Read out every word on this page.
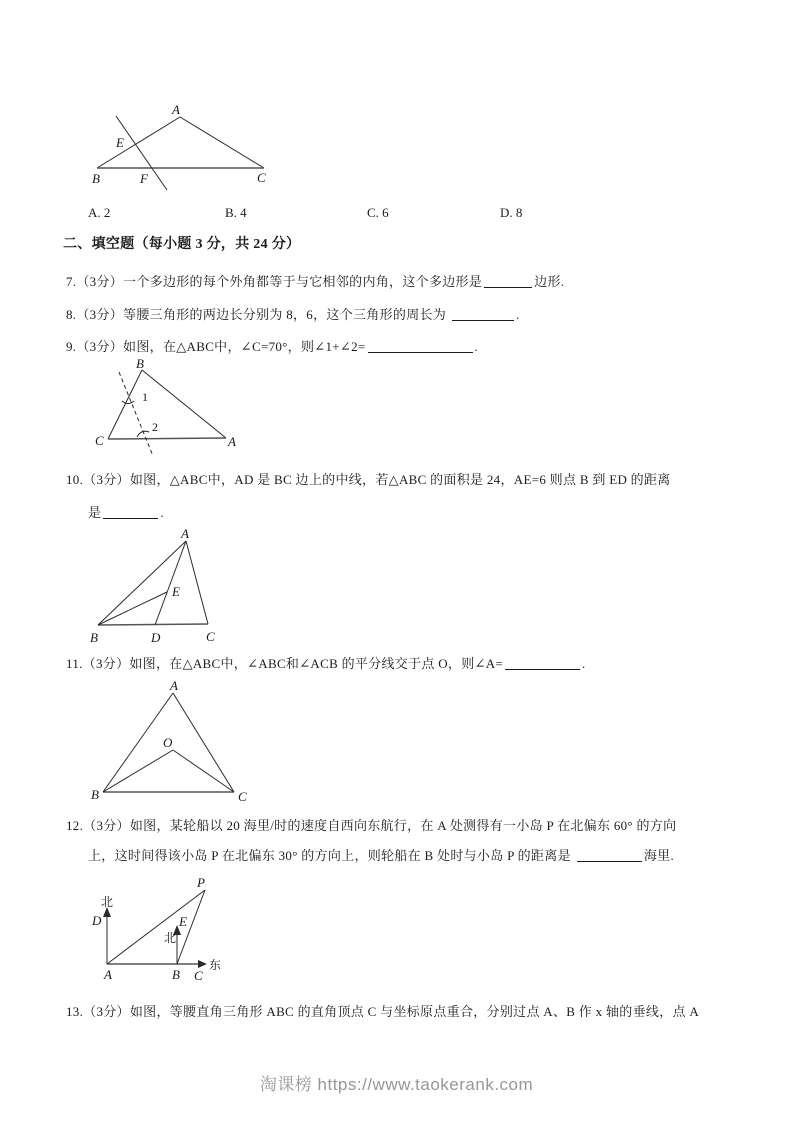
A
E
B	F	C
A. 2	B. 4	C. 6	D. 8
二、填空题（每小题 3 分，共 24 分）
7.（3分）一个多边形的每个外角都等于与它相邻的内角，这个多边形是	边形.
8.（3分）等腰三角形的两边长分别为 8，6，这个三角形的周长为	.
9.（3分）如图，在△ABC中，∠C=70°，则∠1+∠2=	.
B
C	A
1
2
10.（3分）如图，△ABC中，AD 是 BC 边上的中线，若△ABC 的面积是 24，AE=6 则点 B 到 ED 的距离
是	.
A
B	D	C
E
11.（3分）如图，在△ABC中，∠ABC和∠ACB 的平分线交于点 O，则∠A=	.
A
B	C
O
12.（3分）如图，某轮船以 20 海里/时的速度自西向东航行，在 A 处测得有一小岛 P 在北偏东 60° 的方向
上，这时间得该小岛 P 在北偏东 30° 的方向上，则轮船在 B 处时与小岛 P 的距离是	海里.
P
北
D	E
北
A	B C
东
13.（3分）如图，等腰直角三角形 ABC 的直角顶点 C 与坐标原点重合，分别过点 A、B 作 x 轴的垂线，点 A
淘课榜 https://www.taokerank.com
